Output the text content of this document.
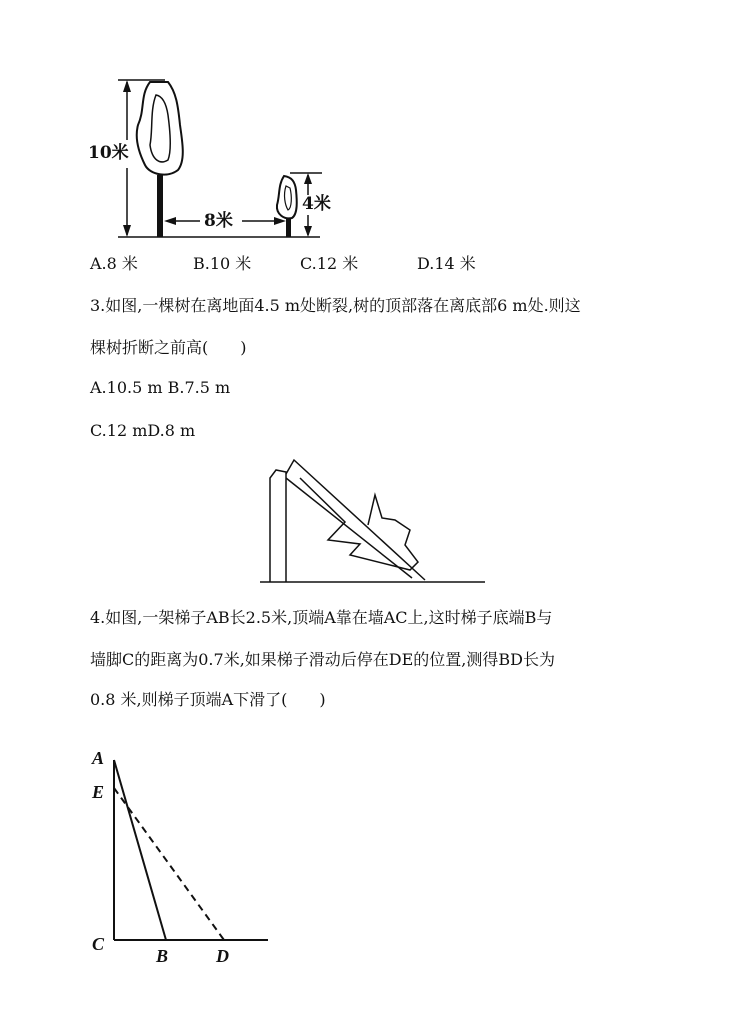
10米
4米
8米
A.8 米	B.10 米	C.12 米	D.14 米
3.如图,一棵树在离地面4.5 m处断裂,树的顶部落在离底部6 m处.则这
棵树折断之前高(　　)
A.10.5 m B.7.5 m
C.12 mD.8 m
4.如图,一架梯子AB长2.5米,顶端A靠在墙AC上,这时梯子底端B与
墙脚C的距离为0.7米,如果梯子滑动后停在DE的位置,测得BD长为
0.8 米,则梯子顶端A下滑了(　　)
A
E
C
B	D
